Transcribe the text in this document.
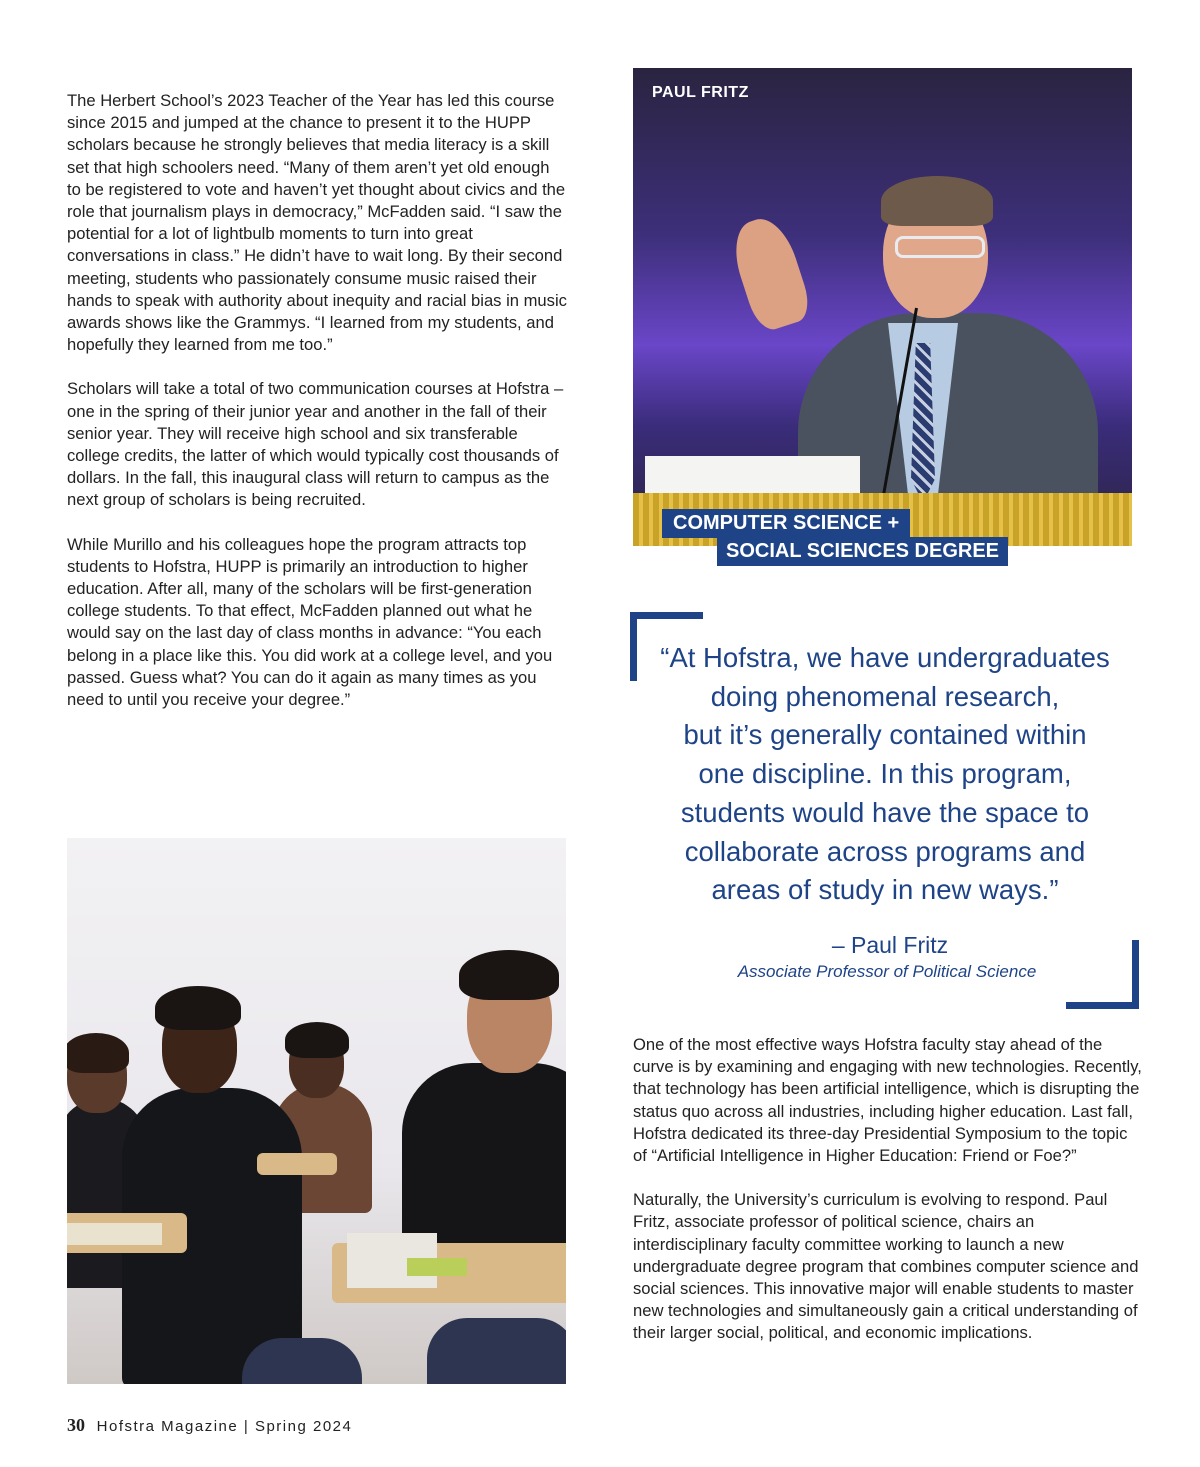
The Herbert School’s 2023 Teacher of the Year has led this course since 2015 and jumped at the chance to present it to the HUPP scholars because he strongly believes that media literacy is a skill set that high schoolers need. “Many of them aren’t yet old enough to be registered to vote and haven’t yet thought about civics and the role that journalism plays in democracy,” McFadden said. “I saw the potential for a lot of lightbulb moments to turn into great conversations in class.” He didn’t have to wait long. By their second meeting, students who passionately consume music raised their hands to speak with authority about inequity and racial bias in music awards shows like the Grammys. “I learned from my students, and hopefully they learned from me too.”

Scholars will take a total of two communication courses at Hofstra – one in the spring of their junior year and another in the fall of their senior year. They will receive high school and six transferable college credits, the latter of which would typically cost thousands of dollars. In the fall, this inaugural class will return to campus as the next group of scholars is being recruited.

While Murillo and his colleagues hope the program attracts top students to Hofstra, HUPP is primarily an introduction to higher education. After all, many of the scholars will be first-generation college students. To that effect, McFadden planned out what he would say on the last day of class months in advance: “You each belong in a place like this. You did work at a college level, and you passed. Guess what? You can do it again as many times as you need to until you receive your degree.”

PAUL FRITZ
COMPUTER SCIENCE +
SOCIAL SCIENCES DEGREE
“At Hofstra, we have undergraduates
doing phenomenal research,
but it’s generally contained within
one discipline. In this program,
students would have the space to
collaborate across programs and
areas of study in new ways.”
– Paul Fritz
Associate Professor of Political Science

One of the most effective ways Hofstra faculty stay ahead of the curve is by examining and engaging with new technologies. Recently, that technology has been artificial intelligence, which is disrupting the status quo across all industries, including higher education. Last fall, Hofstra dedicated its three-day Presidential Symposium to the topic of “Artificial Intelligence in Higher Education: Friend or Foe?”

Naturally, the University’s curriculum is evolving to respond. Paul Fritz, associate professor of political science, chairs an interdisciplinary faculty committee working to launch a new undergraduate degree program that combines computer science and social sciences. This innovative major will enable students to master new technologies and simultaneously gain a critical understanding of their larger social, political, and economic implications.

30 Hofstra Magazine | Spring 2024
